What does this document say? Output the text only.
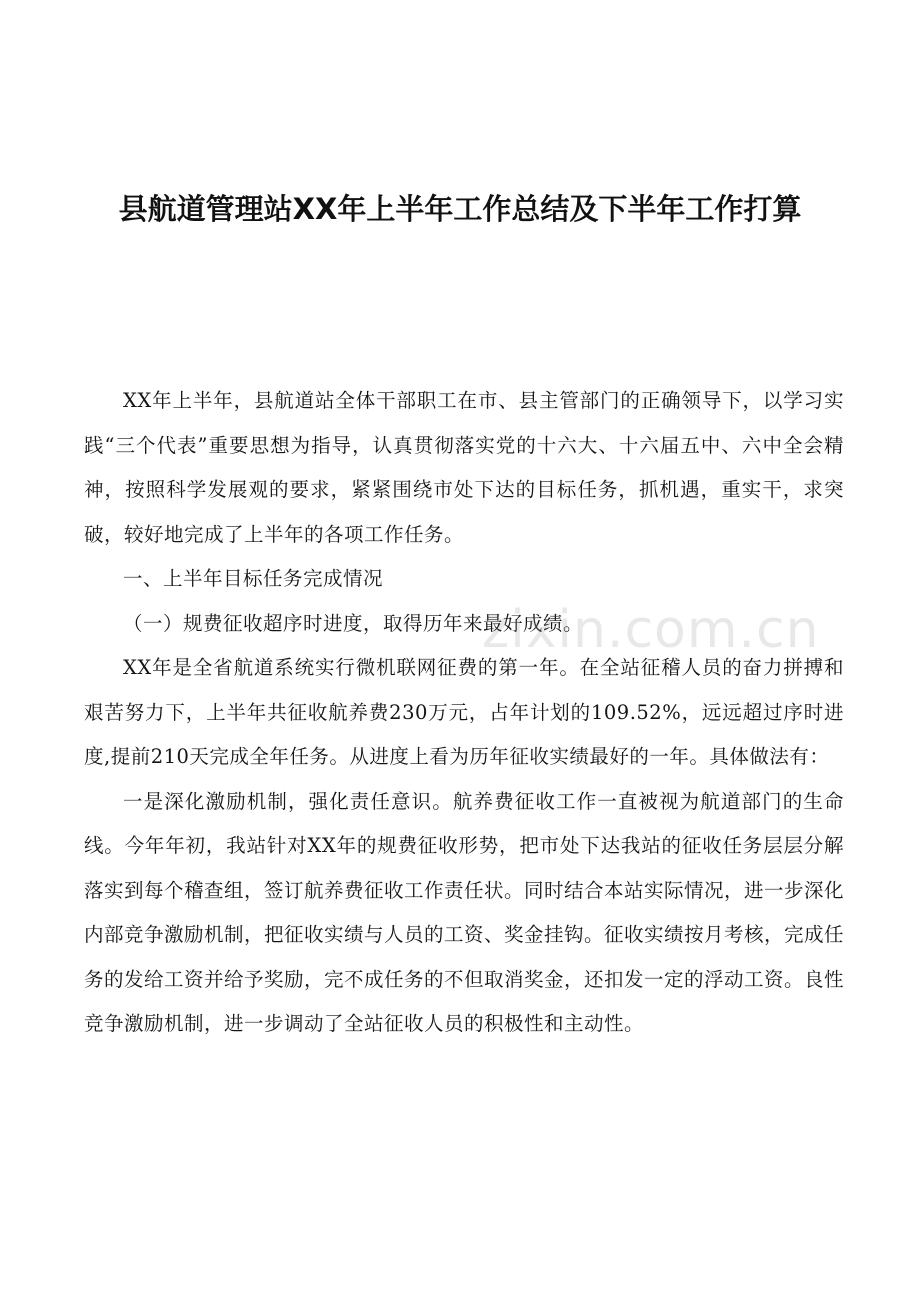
县航道管理站XX年上半年工作总结及下半年工作打算

XX年上半年，县航道站全体干部职工在市、县主管部门的正确领导下，以学习实践“三个代表”重要思想为指导，认真贯彻落实党的十六大、十六届五中、六中全会精神，按照科学发展观的要求，紧紧围绕市处下达的目标任务，抓机遇，重实干，求突破，较好地完成了上半年的各项工作任务。

一、上半年目标任务完成情况

（一）规费征收超序时进度，取得历年来最好成绩。

XX年是全省航道系统实行微机联网征费的第一年。在全站征稽人员的奋力拼搏和艰苦努力下，上半年共征收航养费230万元，占年计划的109.52%，远远超过序时进度,提前210天完成全年任务。从进度上看为历年征收实绩最好的一年。具体做法有：

一是深化激励机制，强化责任意识。航养费征收工作一直被视为航道部门的生命线。今年年初，我站针对XX年的规费征收形势，把市处下达我站的征收任务层层分解落实到每个稽查组，签订航养费征收工作责任状。同时结合本站实际情况，进一步深化内部竞争激励机制，把征收实绩与人员的工资、奖金挂钩。征收实绩按月考核，完成任务的发给工资并给予奖励，完不成任务的不但取消奖金，还扣发一定的浮动工资。良性竞争激励机制，进一步调动了全站征收人员的积极性和主动性。

zixin.com.cn
